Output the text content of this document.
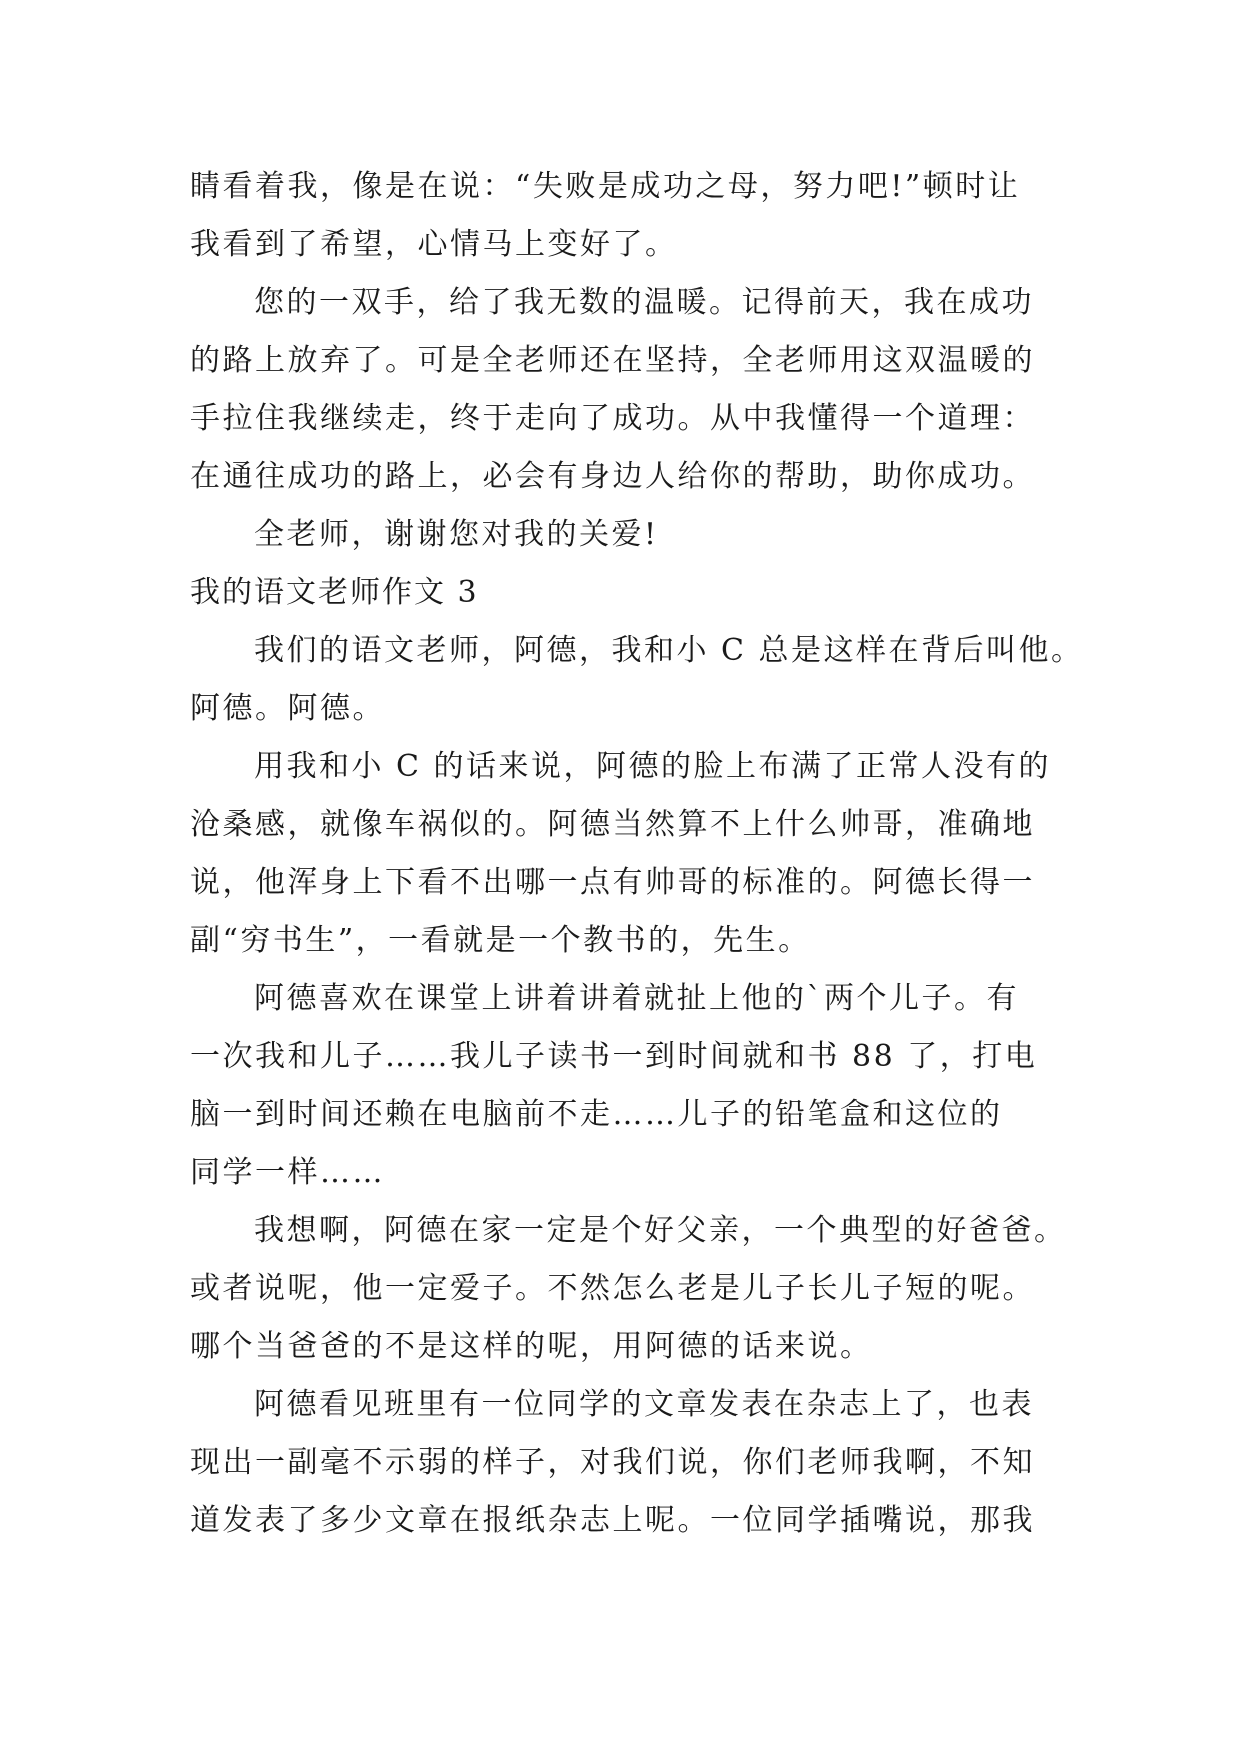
睛看着我，像是在说：“失败是成功之母，努力吧!”顿时让
我看到了希望，心情马上变好了。
您的一双手，给了我无数的温暖。记得前天，我在成功
的路上放弃了。可是全老师还在坚持，全老师用这双温暖的
手拉住我继续走，终于走向了成功。从中我懂得一个道理：
在通往成功的路上，必会有身边人给你的帮助，助你成功。
全老师，谢谢您对我的关爱!
我的语文老师作文 3
我们的语文老师，阿德，我和小 C 总是这样在背后叫他。
阿德。阿德。
用我和小 C 的话来说，阿德的脸上布满了正常人没有的
沧桑感，就像车祸似的。阿德当然算不上什么帅哥，准确地
说，他浑身上下看不出哪一点有帅哥的标准的。阿德长得一
副“穷书生”，一看就是一个教书的，先生。
阿德喜欢在课堂上讲着讲着就扯上他的`两个儿子。有
一次我和儿子……我儿子读书一到时间就和书 88 了，打电
脑一到时间还赖在电脑前不走……儿子的铅笔盒和这位的
同学一样……
我想啊，阿德在家一定是个好父亲，一个典型的好爸爸。
或者说呢，他一定爱子。不然怎么老是儿子长儿子短的呢。
哪个当爸爸的不是这样的呢，用阿德的话来说。
阿德看见班里有一位同学的文章发表在杂志上了，也表
现出一副毫不示弱的样子，对我们说，你们老师我啊，不知
道发表了多少文章在报纸杂志上呢。一位同学插嘴说，那我
